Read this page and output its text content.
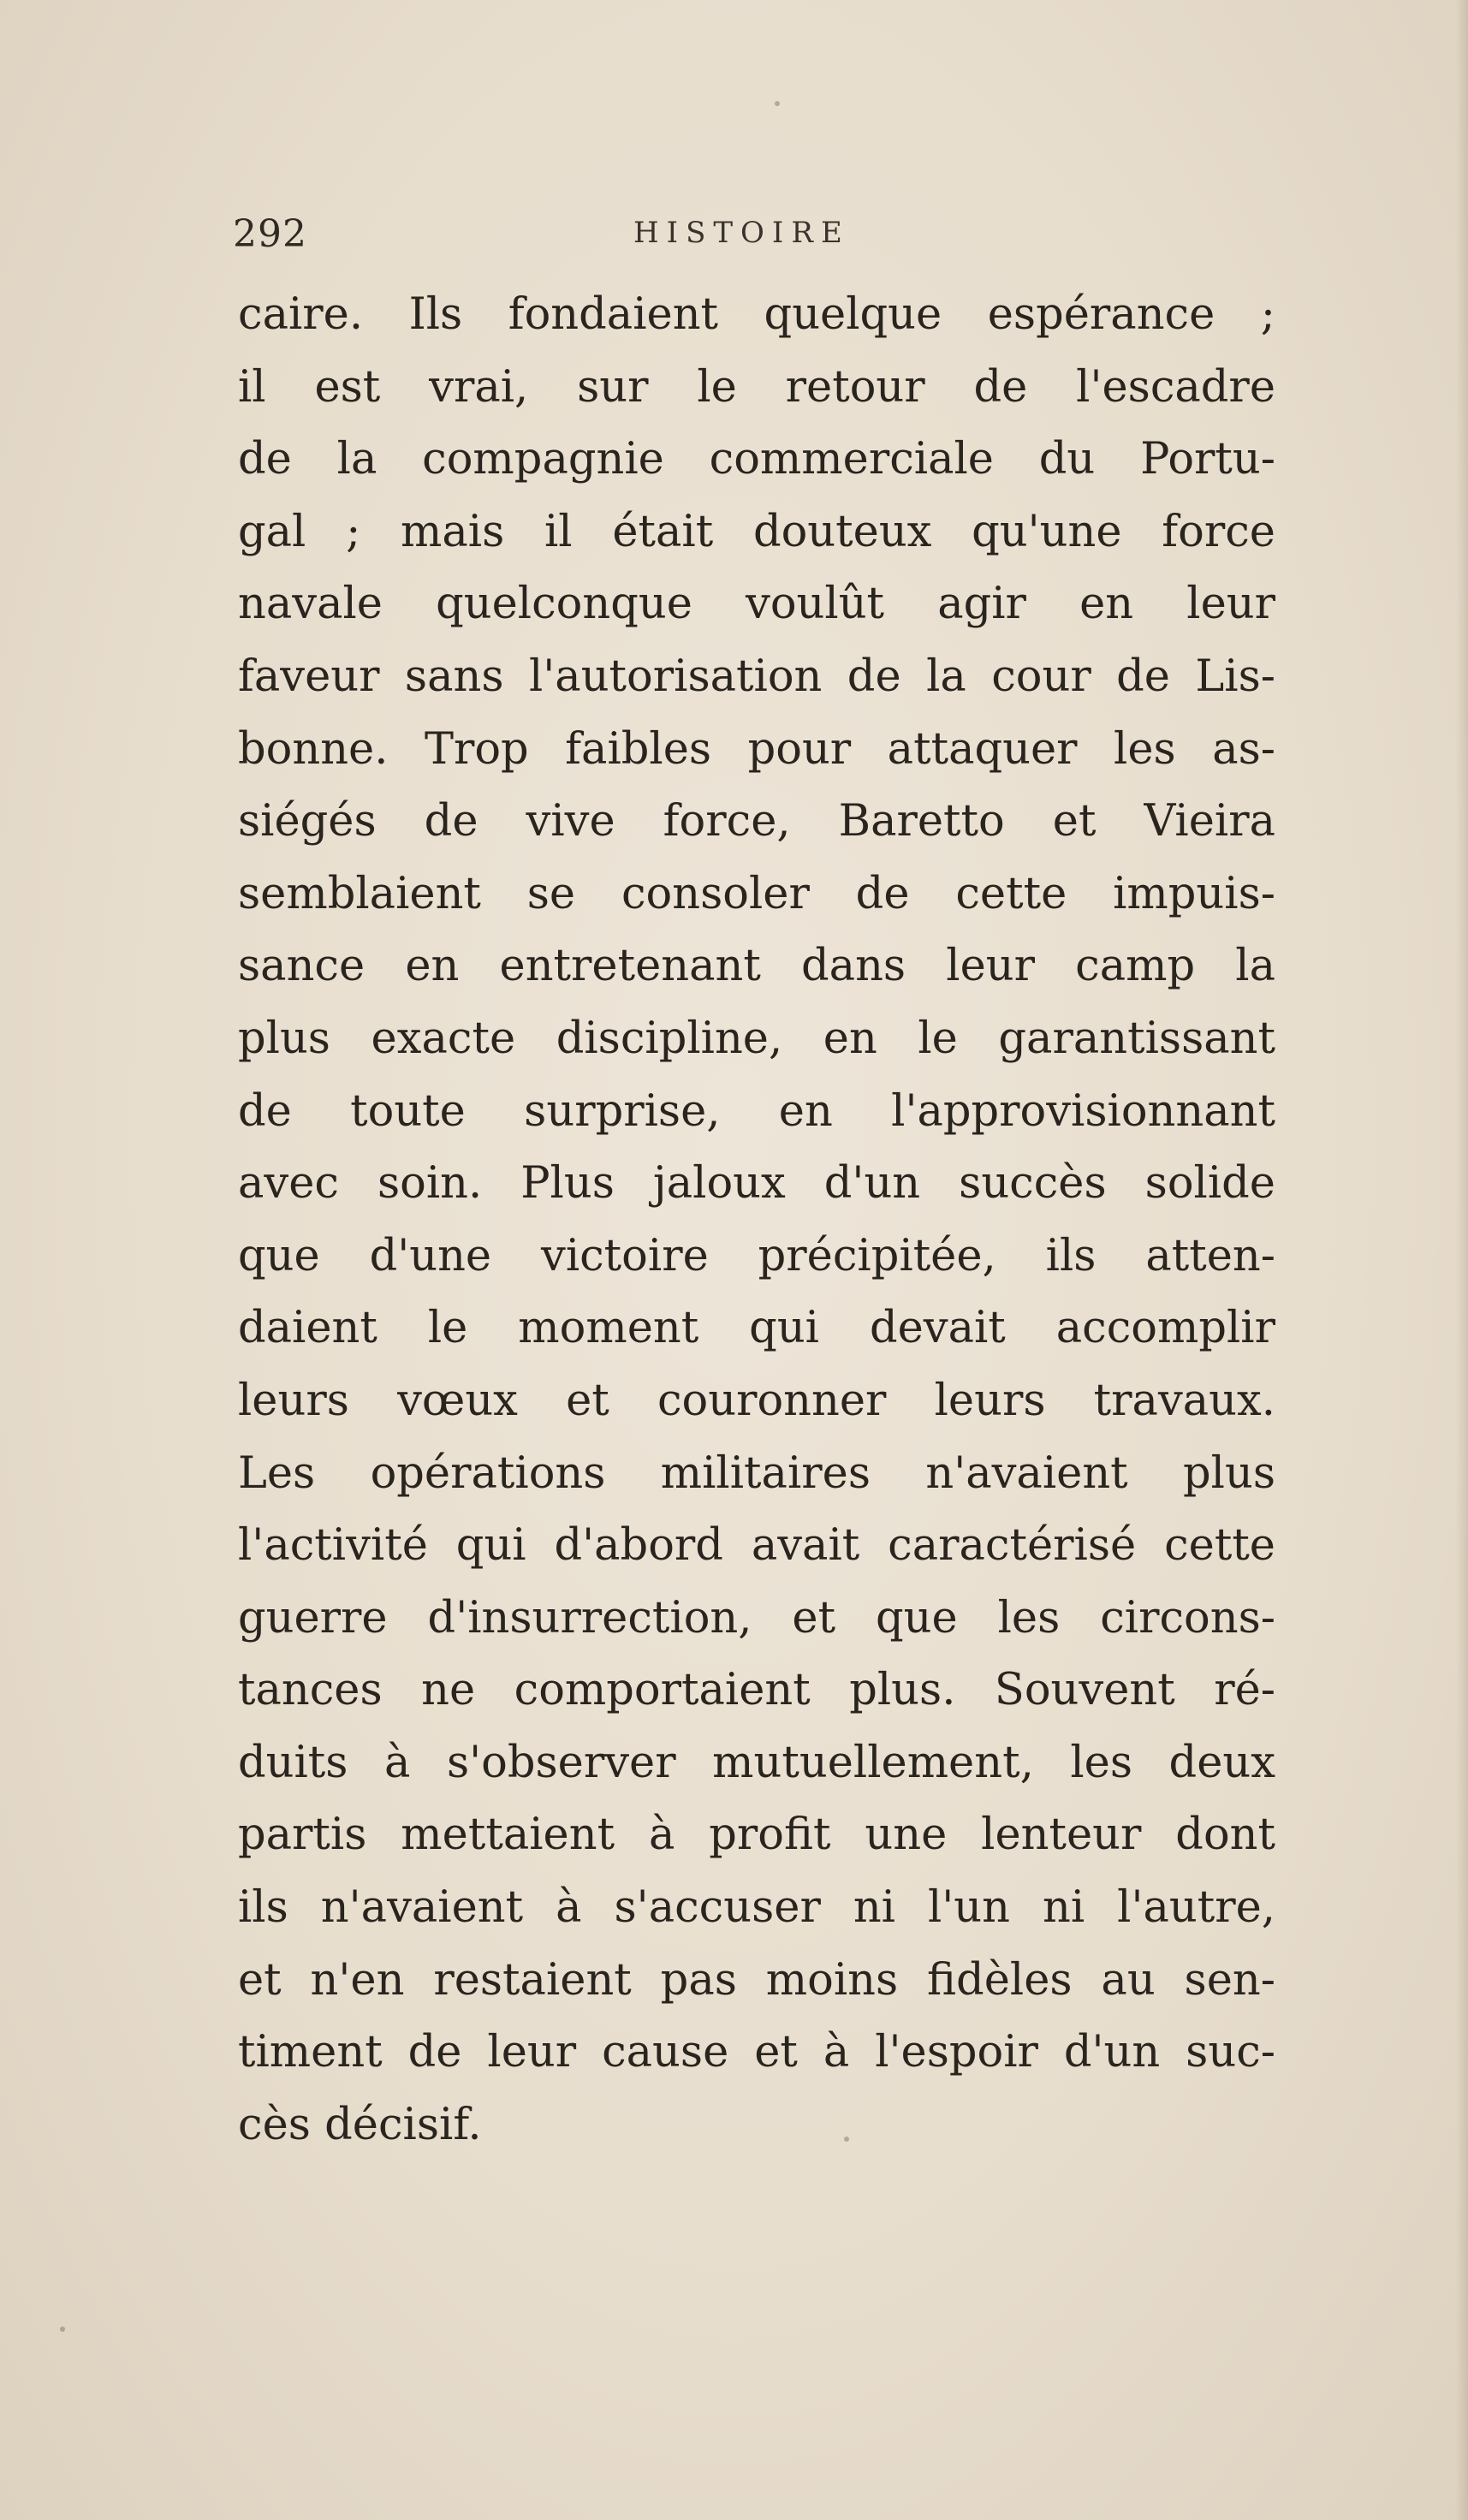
292	HISTOIRE
caire. Ils fondaient quelque espérance ;
il est vrai, sur le retour de l'escadre
de la compagnie commerciale du Portu-
gal ; mais il était douteux qu'une force
navale quelconque voulût agir en leur
faveur sans l'autorisation de la cour de Lis-
bonne. Trop faibles pour attaquer les as-
siégés de vive force, Baretto et Vieira
semblaient se consoler de cette impuis-
sance en entretenant dans leur camp la
plus exacte discipline, en le garantissant
de toute surprise, en l'approvisionnant
avec soin. Plus jaloux d'un succès solide
que d'une victoire précipitée, ils atten-
daient le moment qui devait accomplir
leurs vœux et couronner leurs travaux.
Les opérations militaires n'avaient plus
l'activité qui d'abord avait caractérisé cette
guerre d'insurrection, et que les circons-
tances ne comportaient plus. Souvent ré-
duits à s'observer mutuellement, les deux
partis mettaient à profit une lenteur dont
ils n'avaient à s'accuser ni l'un ni l'autre,
et n'en restaient pas moins fidèles au sen-
timent de leur cause et à l'espoir d'un suc-
cès décisif.
